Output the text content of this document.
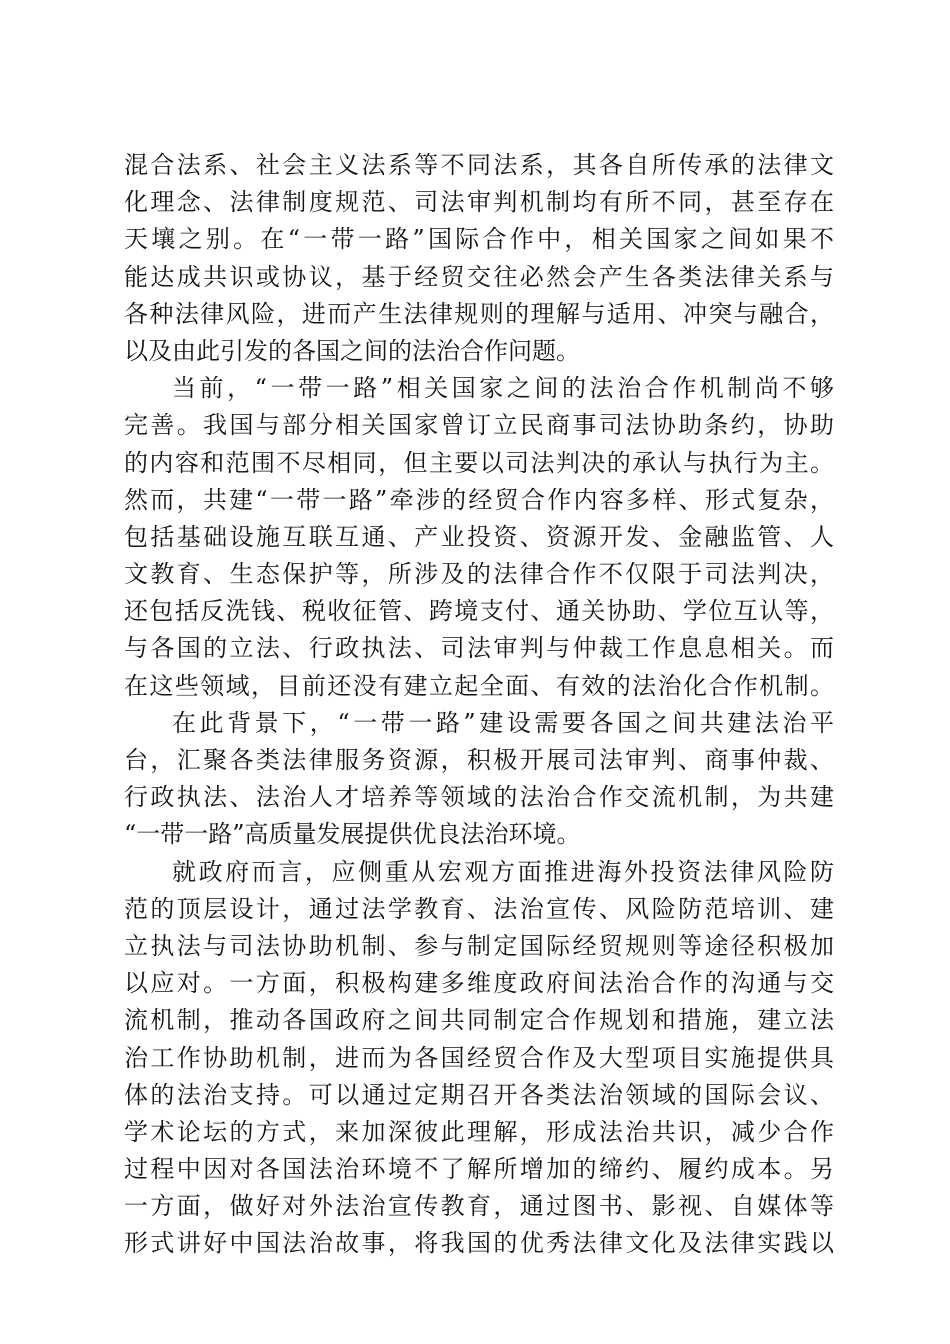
混合法系、社会主义法系等不同法系，其各自所传承的法律文
化理念、法律制度规范、司法审判机制均有所不同，甚至存在
天壤之别。在“一带一路”国际合作中，相关国家之间如果不
能达成共识或协议，基于经贸交往必然会产生各类法律关系与
各种法律风险，进而产生法律规则的理解与适用、冲突与融合，
以及由此引发的各国之间的法治合作问题。
当前，“一带一路”相关国家之间的法治合作机制尚不够
完善。我国与部分相关国家曾订立民商事司法协助条约，协助
的内容和范围不尽相同，但主要以司法判决的承认与执行为主。
然而，共建“一带一路”牵涉的经贸合作内容多样、形式复杂，
包括基础设施互联互通、产业投资、资源开发、金融监管、人
文教育、生态保护等，所涉及的法律合作不仅限于司法判决，
还包括反洗钱、税收征管、跨境支付、通关协助、学位互认等，
与各国的立法、行政执法、司法审判与仲裁工作息息相关。而
在这些领域，目前还没有建立起全面、有效的法治化合作机制。
在此背景下，“一带一路”建设需要各国之间共建法治平
台，汇聚各类法律服务资源，积极开展司法审判、商事仲裁、
行政执法、法治人才培养等领域的法治合作交流机制，为共建
“一带一路”高质量发展提供优良法治环境。
就政府而言，应侧重从宏观方面推进海外投资法律风险防
范的顶层设计，通过法学教育、法治宣传、风险防范培训、建
立执法与司法协助机制、参与制定国际经贸规则等途径积极加
以应对。一方面，积极构建多维度政府间法治合作的沟通与交
流机制，推动各国政府之间共同制定合作规划和措施，建立法
治工作协助机制，进而为各国经贸合作及大型项目实施提供具
体的法治支持。可以通过定期召开各类法治领域的国际会议、
学术论坛的方式，来加深彼此理解，形成法治共识，减少合作
过程中因对各国法治环境不了解所增加的缔约、履约成本。另
一方面，做好对外法治宣传教育，通过图书、影视、自媒体等
形式讲好中国法治故事，将我国的优秀法律文化及法律实践以
